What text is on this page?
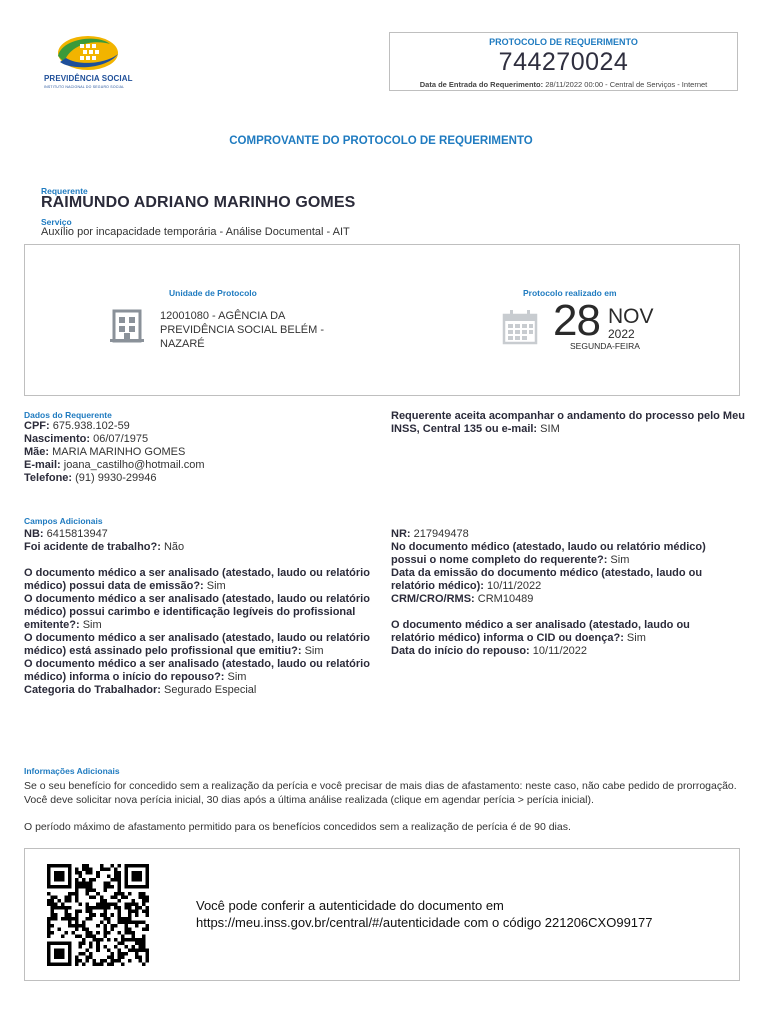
PREVIDÊNCIA SOCIAL
INSTITUTO NACIONAL DO SEGURO SOCIAL
PROTOCOLO DE REQUERIMENTO
744270024
Data de Entrada do Requerimento: 28/11/2022 00:00 - Central de Serviços - Internet
COMPROVANTE DO PROTOCOLO DE REQUERIMENTO
Requerente
RAIMUNDO ADRIANO MARINHO GOMES
Serviço
Auxílio por incapacidade temporária - Análise Documental - AIT
Unidade de Protocolo
12001080 - AGÊNCIA DA
PREVIDÊNCIA SOCIAL BELÉM -
NAZARÉ
Protocolo realizado em
28 NOV
2022
SEGUNDA-FEIRA
Dados do Requerente
CPF: 675.938.102-59
Nascimento: 06/07/1975
Mãe: MARIA MARINHO GOMES
E-mail: joana_castilho@hotmail.com
Telefone: (91) 9930-29946
Requerente aceita acompanhar o andamento do processo pelo Meu INSS, Central 135 ou e-mail: SIM
Campos Adicionais
NB: 6415813947
Foi acidente de trabalho?: Não
O documento médico a ser analisado (atestado, laudo ou relatório médico) possui data de emissão?: Sim
O documento médico a ser analisado (atestado, laudo ou relatório médico) possui carimbo e identificação legíveis do profissional emitente?: Sim
O documento médico a ser analisado (atestado, laudo ou relatório médico) está assinado pelo profissional que emitiu?: Sim
O documento médico a ser analisado (atestado, laudo ou relatório médico) informa o início do repouso?: Sim
Categoria do Trabalhador: Segurado Especial
NR: 217949478
No documento médico (atestado, laudo ou relatório médico) possui o nome completo do requerente?: Sim
Data da emissão do documento médico (atestado, laudo ou relatório médico): 10/11/2022
CRM/CRO/RMS: CRM10489
O documento médico a ser analisado (atestado, laudo ou relatório médico) informa o CID ou doença?: Sim
Data do início do repouso: 10/11/2022
Informações Adicionais
Se o seu benefício for concedido sem a realização da perícia e você precisar de mais dias de afastamento: neste caso, não cabe pedido de prorrogação. Você deve solicitar nova perícia inicial, 30 dias após a última análise realizada (clique em agendar perícia > perícia inicial).
O período máximo de afastamento permitido para os benefícios concedidos sem a realização de perícia é de 90 dias.
Você pode conferir a autenticidade do documento em
https://meu.inss.gov.br/central/#/autenticidade com o código 221206CXO99177
